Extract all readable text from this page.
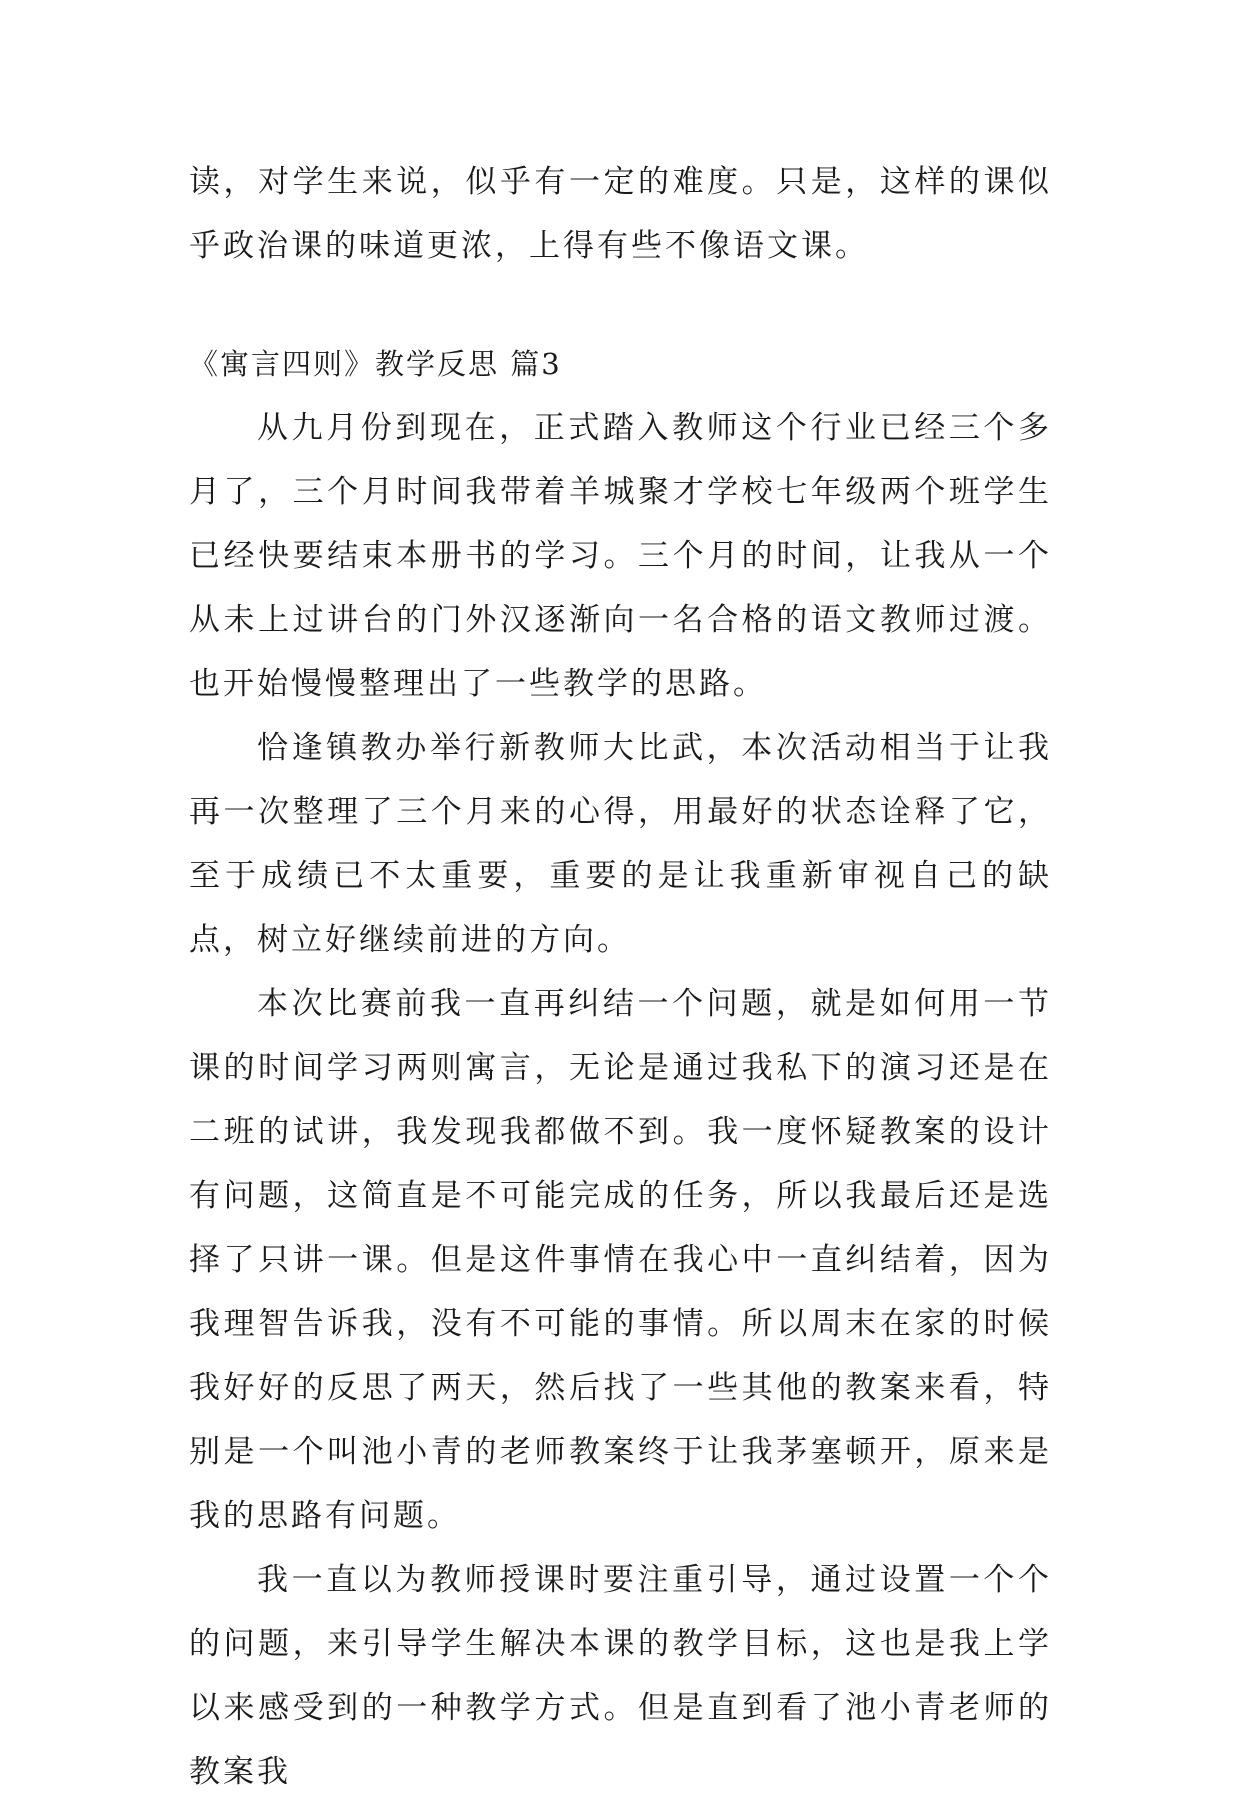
读，对学生来说，似乎有一定的难度。只是，这样的课似乎政治课的味道更浓，上得有些不像语文课。

《寓言四则》教学反思 篇3

从九月份到现在，正式踏入教师这个行业已经三个多月了，三个月时间我带着羊城聚才学校七年级两个班学生已经快要结束本册书的学习。三个月的时间，让我从一个从未上过讲台的门外汉逐渐向一名合格的语文教师过渡。也开始慢慢整理出了一些教学的思路。

恰逢镇教办举行新教师大比武，本次活动相当于让我再一次整理了三个月来的心得，用最好的状态诠释了它，至于成绩已不太重要，重要的是让我重新审视自己的缺点，树立好继续前进的方向。

本次比赛前我一直再纠结一个问题，就是如何用一节课的时间学习两则寓言，无论是通过我私下的演习还是在二班的试讲，我发现我都做不到。我一度怀疑教案的设计有问题，这简直是不可能完成的任务，所以我最后还是选择了只讲一课。但是这件事情在我心中一直纠结着，因为我理智告诉我，没有不可能的事情。所以周末在家的时候我好好的反思了两天，然后找了一些其他的教案来看，特别是一个叫池小青的老师教案终于让我茅塞顿开，原来是我的思路有问题。

我一直以为教师授课时要注重引导，通过设置一个个的问题，来引导学生解决本课的教学目标，这也是我上学以来感受到的一种教学方式。但是直到看了池小青老师的教案我
